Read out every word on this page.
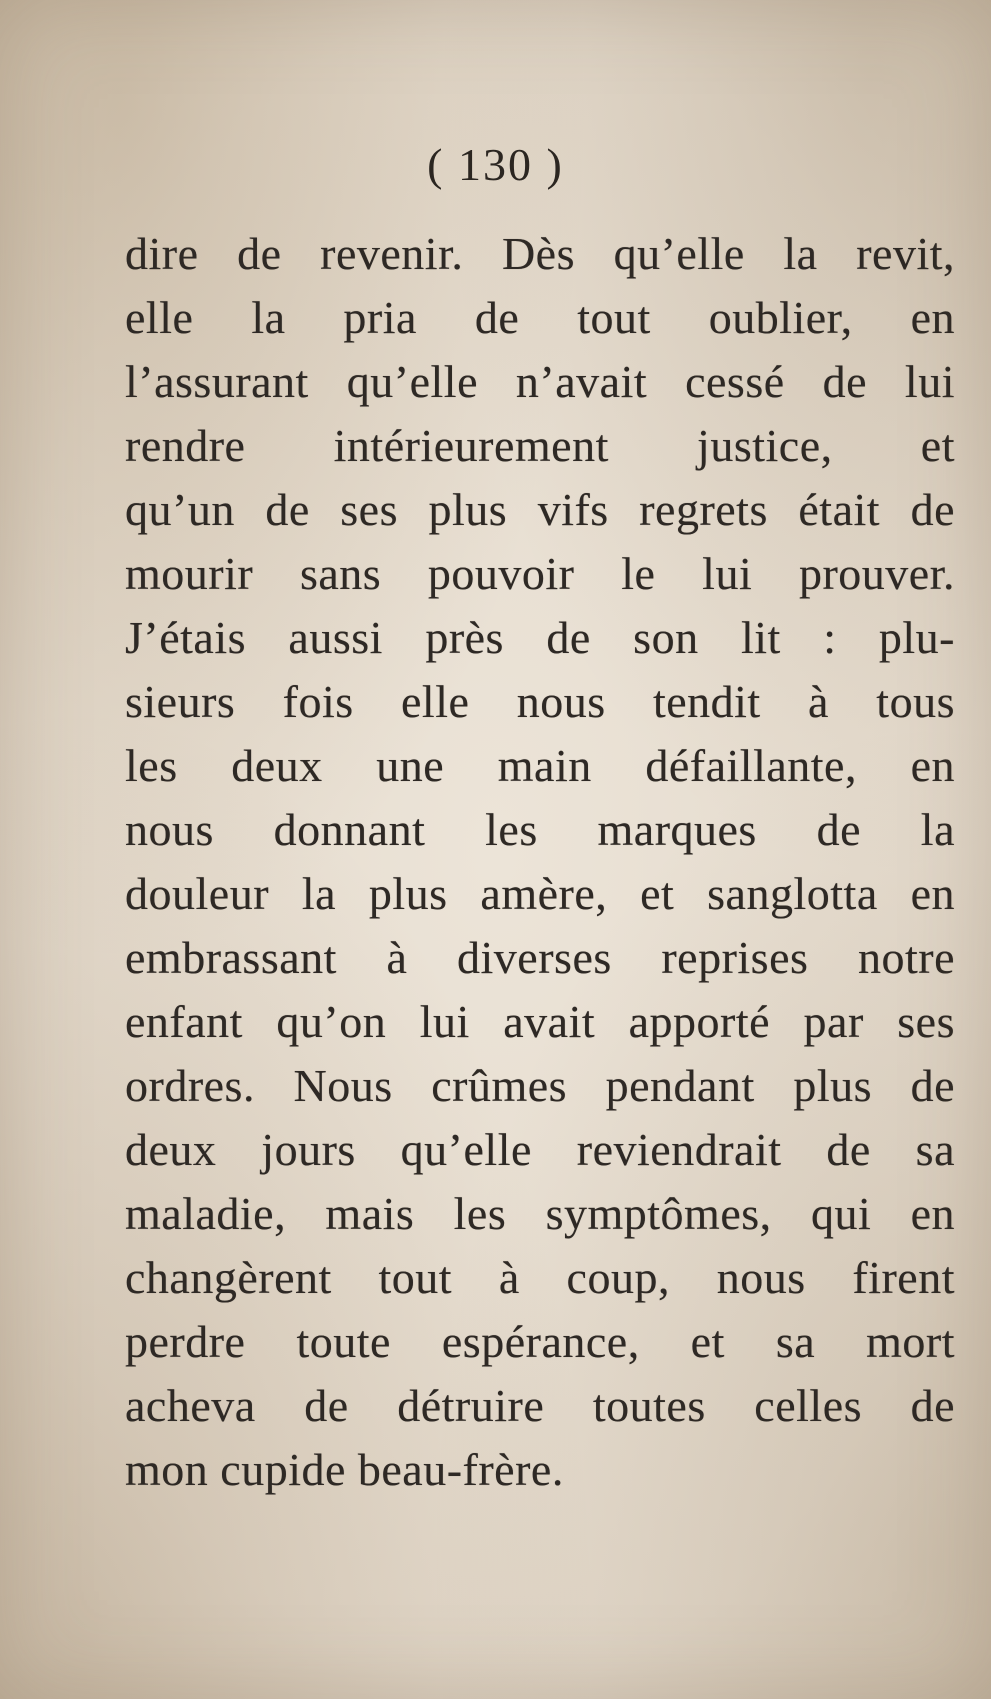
( 130 )
dire de revenir. Dès qu’elle la revit,
elle la pria de tout oublier, en
l’assurant qu’elle n’avait cessé de lui
rendre intérieurement justice, et
qu’un de ses plus vifs regrets était de
mourir sans pouvoir le lui prouver.
J’étais aussi près de son lit : plu-
sieurs fois elle nous tendit à tous
les deux une main défaillante, en
nous donnant les marques de la
douleur la plus amère, et sanglotta en
embrassant à diverses reprises notre
enfant qu’on lui avait apporté par ses
ordres. Nous crûmes pendant plus de
deux jours qu’elle reviendrait de sa
maladie, mais les symptômes, qui en
changèrent tout à coup, nous firent
perdre toute espérance, et sa mort
acheva de détruire toutes celles de
mon cupide beau-frère.
